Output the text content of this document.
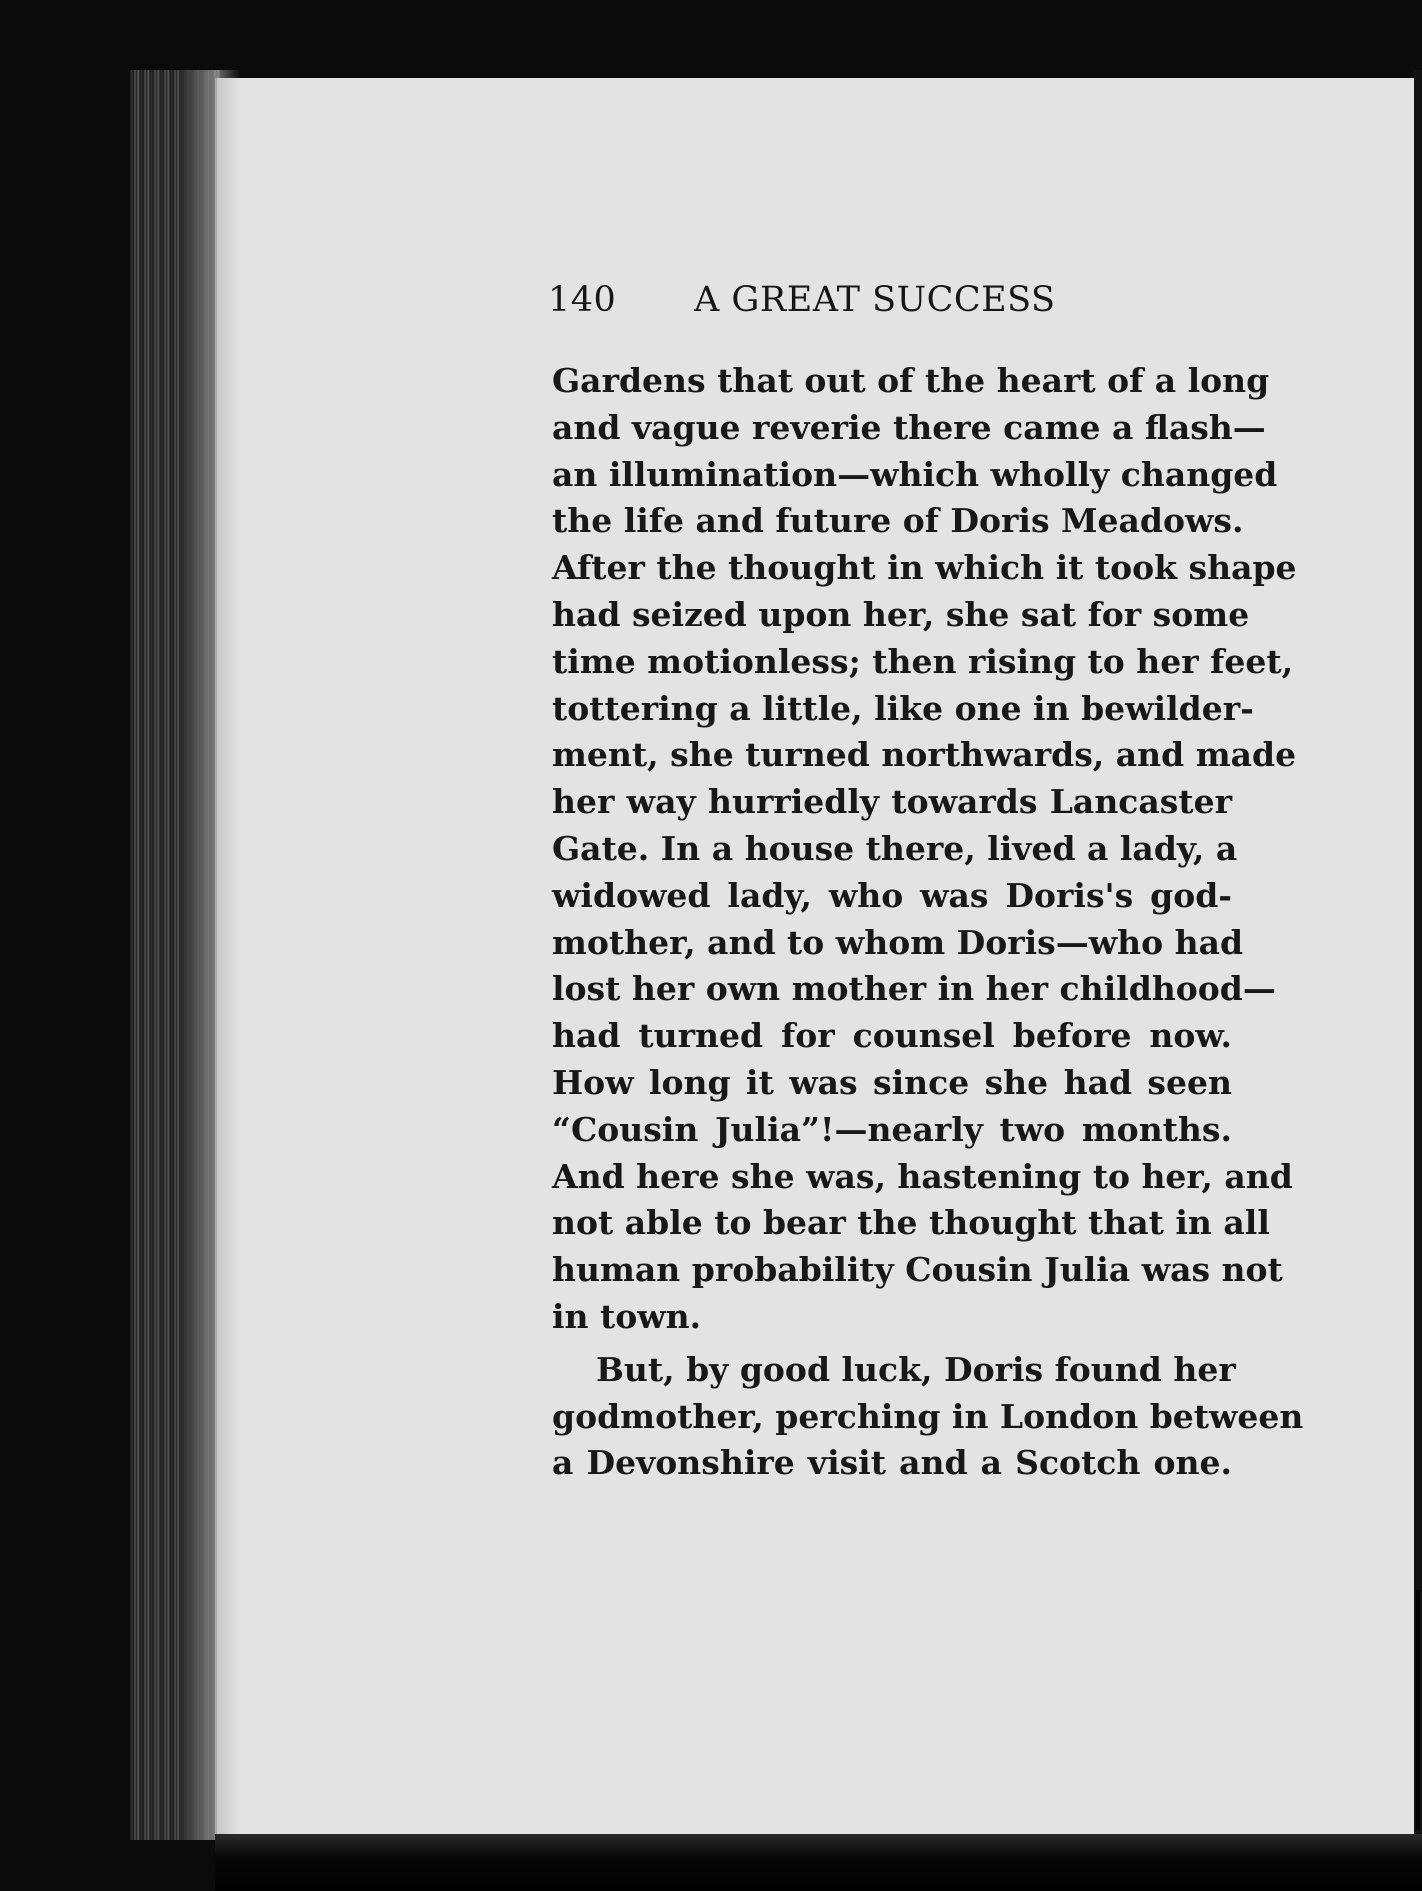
140 A GREAT SUCCESS
Gardens that out of the heart of a long
and vague reverie there came a flash—
an illumination—which wholly changed
the life and future of Doris Meadows.
After the thought in which it took shape
had seized upon her, she sat for some
time motionless; then rising to her feet,
tottering a little, like one in bewilder-
ment, she turned northwards, and made
her way hurriedly towards Lancaster
Gate. In a house there, lived a lady, a
widowed lady, who was Doris's god-
mother, and to whom Doris—who had
lost her own mother in her childhood—
had turned for counsel before now.
How long it was since she had seen
“Cousin Julia”!—nearly two months.
And here she was, hastening to her, and
not able to bear the thought that in all
human probability Cousin Julia was not
in town.
But, by good luck, Doris found her
godmother, perching in London between
a Devonshire visit and a Scotch one.
